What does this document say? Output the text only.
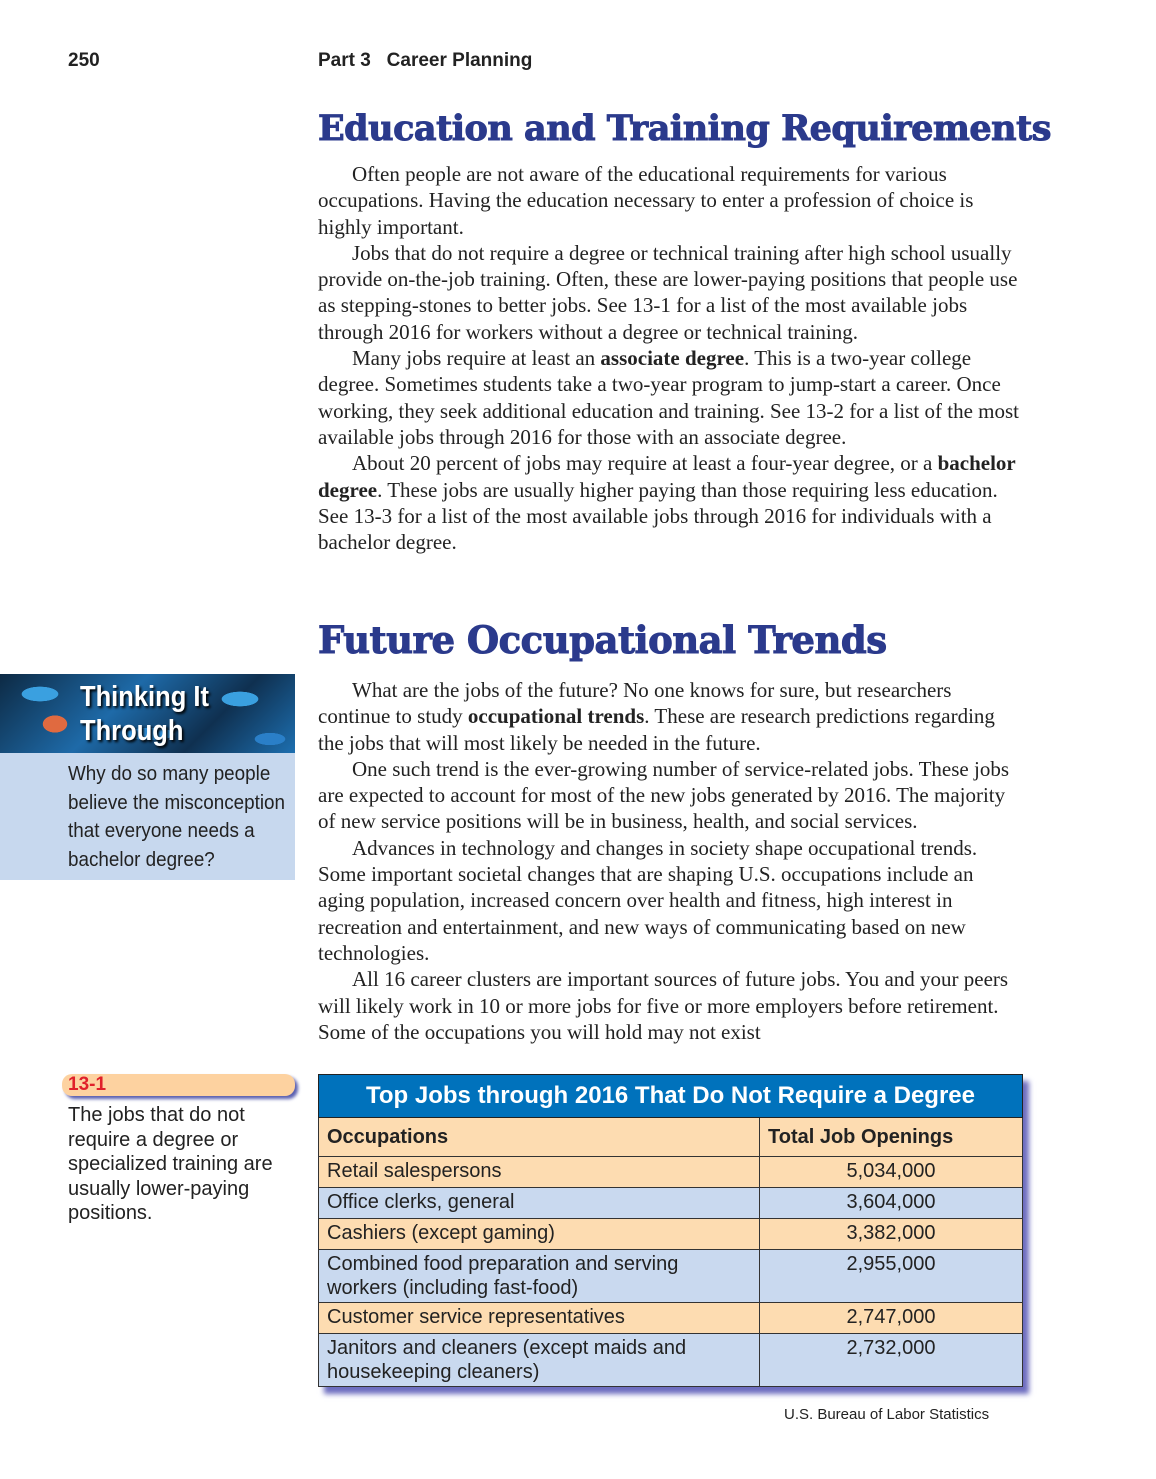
250	Part 3 Career Planning
Education and Training Requirements

Often people are not aware of the educational requirements for various occupations. Having the education necessary to enter a profession of choice is highly important.

Jobs that do not require a degree or technical training after high school usually provide on-the-job training. Often, these are lower-paying positions that people use as stepping-stones to better jobs. See 13-1 for a list of the most available jobs through 2016 for workers without a degree or technical training.

Many jobs require at least an associate degree. This is a two-year college degree. Sometimes students take a two-year program to jump-start a career. Once working, they seek additional education and training. See 13-2 for a list of the most available jobs through 2016 for those with an associate degree.

About 20 percent of jobs may require at least a four-year degree, or a bachelor degree. These jobs are usually higher paying than those requiring less education. See 13-3 for a list of the most available jobs through 2016 for individuals with a bachelor degree.

Future Occupational Trends

What are the jobs of the future? No one knows for sure, but researchers continue to study occupational trends. These are research predictions regarding the jobs that will most likely be needed in the future.

One such trend is the ever-growing number of service-related jobs. These jobs are expected to account for most of the new jobs generated by 2016. The majority of new service positions will be in business, health, and social services.

Advances in technology and changes in society shape occupational trends. Some important societal changes that are shaping U.S. occupations include an aging population, increased concern over health and fitness, high interest in recreation and entertainment, and new ways of communicating based on new technologies.

All 16 career clusters are important sources of future jobs. You and your peers will likely work in 10 or more jobs for five or more employers before retirement. Some of the occupations you will hold may not exist

Thinking It
Through
Why do so many people
believe the misconception
that everyone needs a
bachelor degree?
13-1
The jobs that do not require a degree or specialized training are usually lower-paying positions.
Top Jobs through 2016 That Do Not Require a Degree	
Occupations	Total Job Openings
Retail salespersons	5,034,000
Office clerks, general	3,604,000
Cashiers (except gaming)	3,382,000
Combined food preparation and serving workers (including fast-food)	2,955,000
Customer service representatives	2,747,000
Janitors and cleaners (except maids and housekeeping cleaners)	2,732,000
U.S. Bureau of Labor Statistics
